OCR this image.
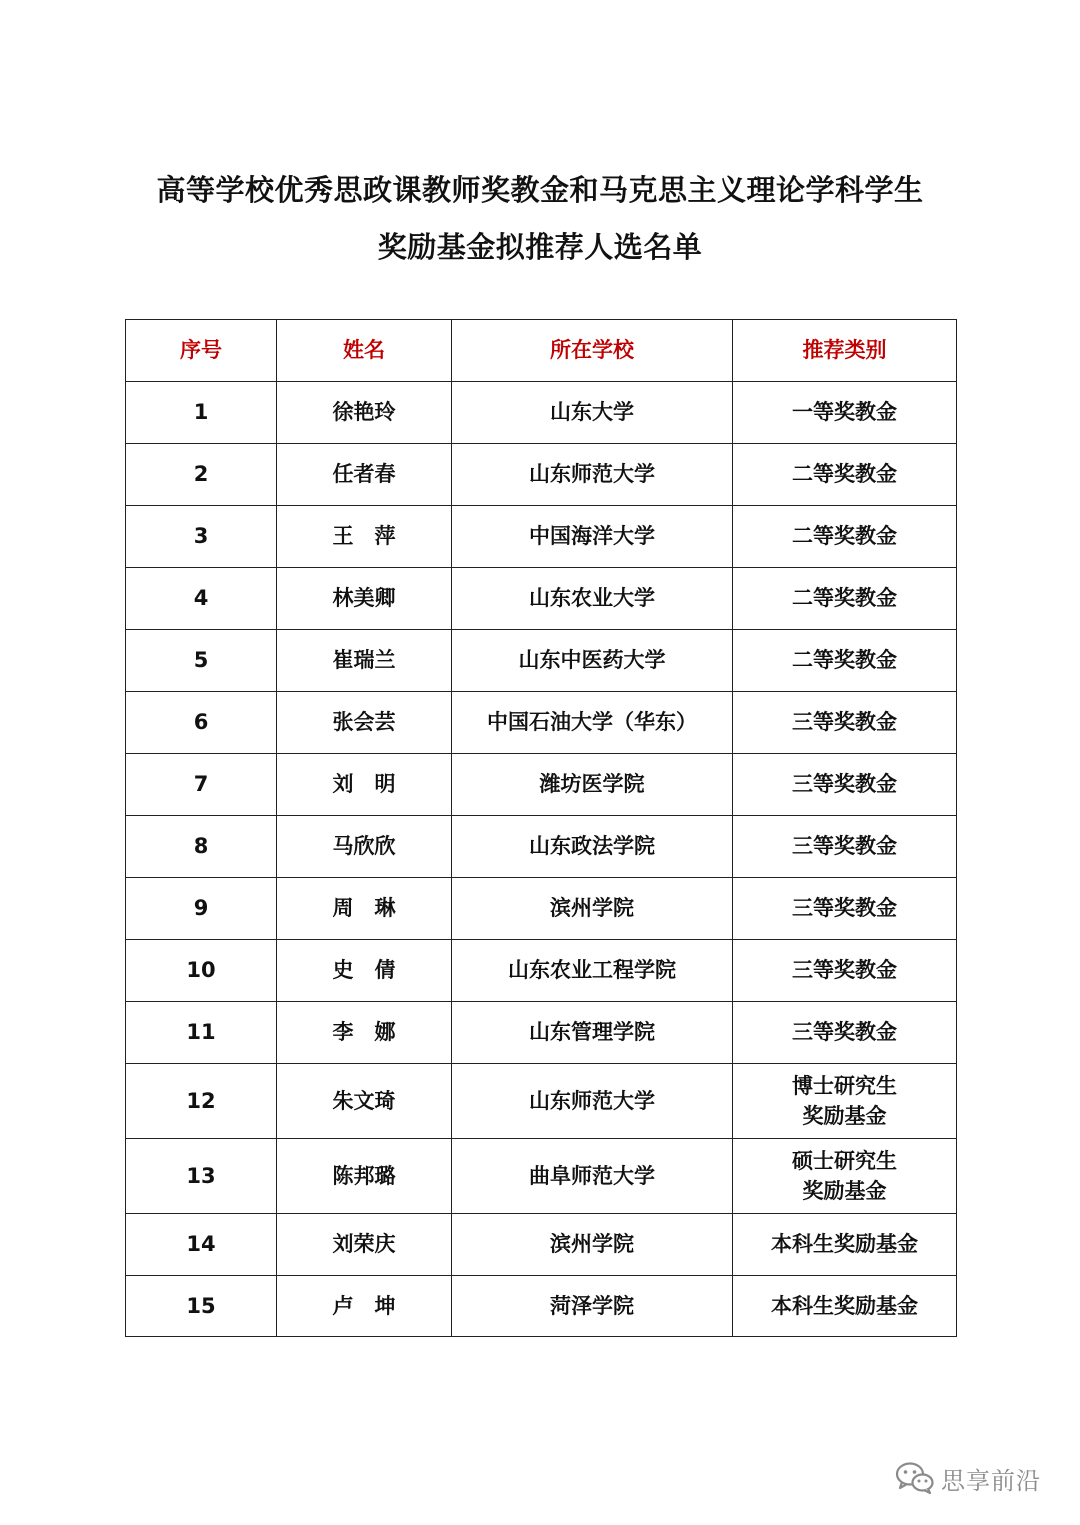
高等学校优秀思政课教师奖教金和马克思主义理论学科学生
奖励基金拟推荐人选名单
序号	姓名	所在学校	推荐类别
1	徐艳玲	山东大学	一等奖教金

2	任者春	山东师范大学	二等奖教金

3	王　萍	中国海洋大学	二等奖教金

4	林美卿	山东农业大学	二等奖教金

5	崔瑞兰	山东中医药大学	二等奖教金

6	张会芸	中国石油大学（华东）	三等奖教金

7	刘　明	潍坊医学院	三等奖教金

8	马欣欣	山东政法学院	三等奖教金

9	周　琳	滨州学院	三等奖教金

10	史　倩	山东农业工程学院	三等奖教金

11	李　娜	山东管理学院	三等奖教金

12	朱文琦	山东师范大学	博士研究生
奖励基金

13	陈邦璐	曲阜师范大学	硕士研究生
奖励基金

14	刘荣庆	滨州学院	本科生奖励基金

15	卢　坤	菏泽学院	本科生奖励基金
思享前沿
